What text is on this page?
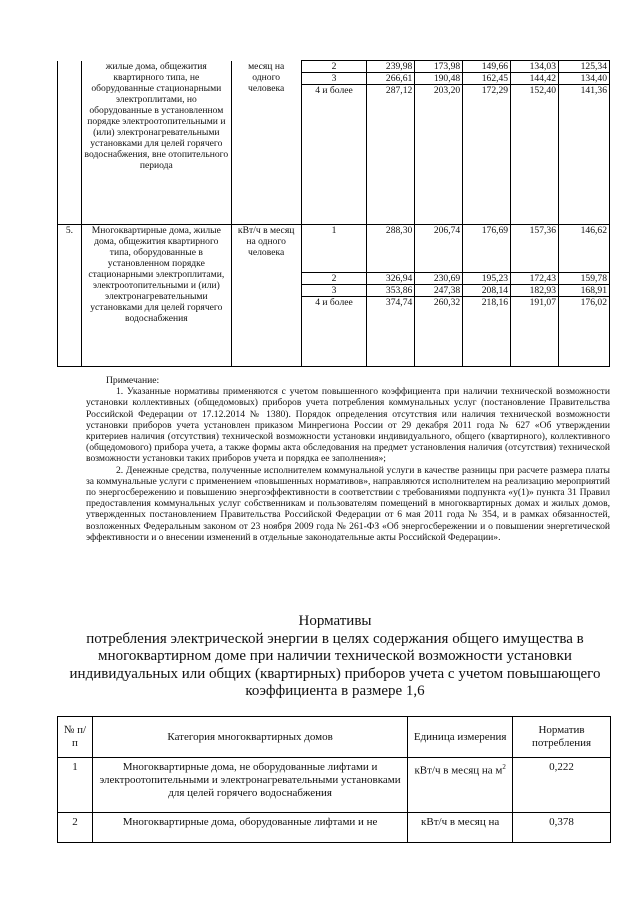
	жилые дома, общежития квартирного типа, не оборудованные стационарными электроплитами, но оборудованные в установленном порядке электроотопительными и (или) электронагревательными установками для целей горячего водоснабжения, вне отопительного периода	месяц на одного человека	2	239,98	173,98	149,66	134,03	125,34
			3	266,61	190,48	162,45	144,42	134,40
			4 и более	287,12	203,20	172,29	152,40	141,36
5.	Многоквартирные дома, жилые дома, общежития квартирного типа, оборудованные в установленном порядке стационарными электроплитами, электроотопительными и (или) электронагревательными установками для целей горячего водоснабжения	кВт/ч в месяц на одного человека	1	288,30	206,74	176,69	157,36	146,62
			2	326,94	230,69	195,23	172,43	159,78
			3	353,86	247,38	208,14	182,93	168,91
			4 и более	374,74	260,32	218,16	191,07	176,02

Примечание:

1. Указанные нормативы применяются с учетом повышенного коэффициента при наличии технической возможности установки коллективных (общедомовых) приборов учета потребления коммунальных услуг (постановление Правительства Российской Федерации от 17.12.2014 № 1380). Порядок определения отсутствия или наличия технической возможности установки приборов учета установлен приказом Минрегиона России от 29 декабря 2011 года № 627 «Об утверждении критериев наличия (отсутствия) технической возможности установки индивидуального, общего (квартирного), коллективного (общедомового) прибора учета, а также формы акта обследования на предмет установления наличия (отсутствия) технической возможности установки таких приборов учета и порядка ее заполнения»;

2. Денежные средства, полученные исполнителем коммунальной услуги в качестве разницы при расчете размера платы за коммунальные услуги с применением «повышенных нормативов», направляются исполнителем на реализацию мероприятий по энергосбережению и повышению энергоэффективности в соответствии с требованиями подпункта «у(1)» пункта 31 Правил предоставления коммунальных услуг собственникам и пользователям помещений в многоквартирных домах и жилых домов, утвержденных постановлением Правительства Российской Федерации от 6 мая 2011 года № 354, и в рамках обязанностей, возложенных Федеральным законом от 23 ноября 2009 года № 261-ФЗ «Об энергосбережении и о повышении энергетической эффективности и о внесении изменений в отдельные законодательные акты Российской Федерации».

Нормативы
потребления электрической энергии в целях содержания общего имущества в
многоквартирном доме при наличии технической возможности установки
индивидуальных или общих (квартирных) приборов учета с учетом повышающего
коэффициента в размере 1,6
№ п/п	Категория многоквартирных домов	Единица измерения	Норматив потребления
1	Многоквартирные дома, не оборудованные лифтами и электроотопительными и электронагревательными установками для целей горячего водоснабжения	кВт/ч в месяц на $м^2$	0,222
2	Многоквартирные дома, оборудованные лифтами и не	кВт/ч в месяц на	0,378
